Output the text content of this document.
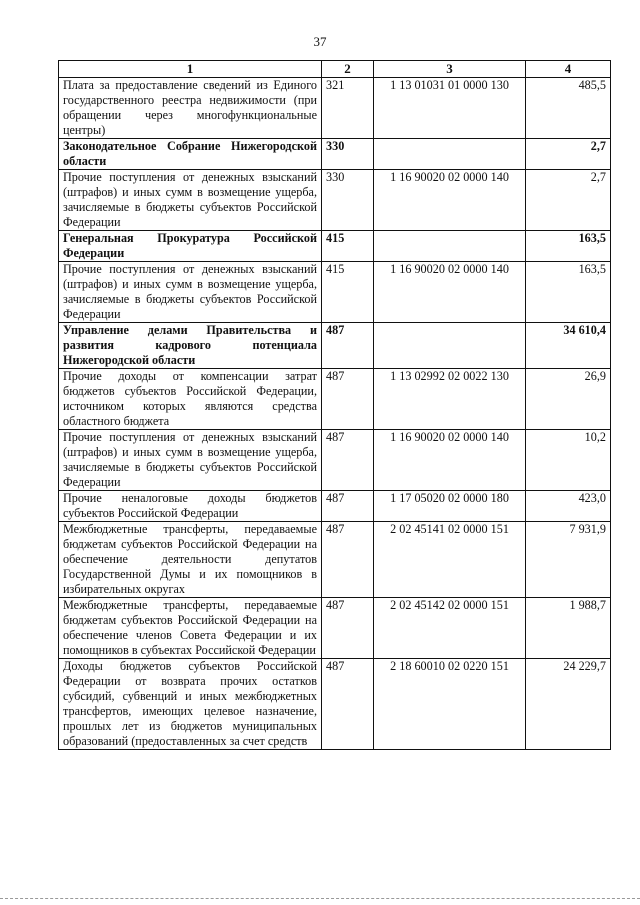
37
1	2	3	4
Плата за предоставление сведений из Единого государственного реестра недвижимости (при обращении через многофункциональные центры)	321	1 13 01031 01 0000 130	485,5
Законодательное Собрание Нижегородской области	330		2,7
Прочие поступления от денежных взысканий (штрафов) и иных сумм в возмещение ущерба, зачисляемые в бюджеты субъектов Российской Федерации	330	1 16 90020 02 0000 140	2,7
Генеральная Прокуратура Российской Федерации	415		163,5
Прочие поступления от денежных взысканий (штрафов) и иных сумм в возмещение ущерба, зачисляемые в бюджеты субъектов Российской Федерации	415	1 16 90020 02 0000 140	163,5
Управление делами Правительства и развития кадрового потенциала Нижегородской области	487		34 610,4
Прочие доходы от компенсации затрат бюджетов субъектов Российской Федерации, источником которых являются средства областного бюджета	487	1 13 02992 02 0022 130	26,9
Прочие поступления от денежных взысканий (штрафов) и иных сумм в возмещение ущерба, зачисляемые в бюджеты субъектов Российской Федерации	487	1 16 90020 02 0000 140	10,2
Прочие неналоговые доходы бюджетов субъектов Российской Федерации	487	1 17 05020 02 0000 180	423,0
Межбюджетные трансферты, передаваемые бюджетам субъектов Российской Федерации на обеспечение деятельности депутатов Государственной Думы и их помощников в избирательных округах	487	2 02 45141 02 0000 151	7 931,9
Межбюджетные трансферты, передаваемые бюджетам субъектов Российской Федерации на обеспечение членов Совета Федерации и их помощников в субъектах Российской Федерации	487	2 02 45142 02 0000 151	1 988,7
Доходы бюджетов субъектов Российской Федерации от возврата прочих остатков субсидий, субвенций и иных межбюджетных трансфертов, имеющих целевое назначение, прошлых лет из бюджетов муниципальных образований (предоставленных за счет средств	487	2 18 60010 02 0220 151	24 229,7
